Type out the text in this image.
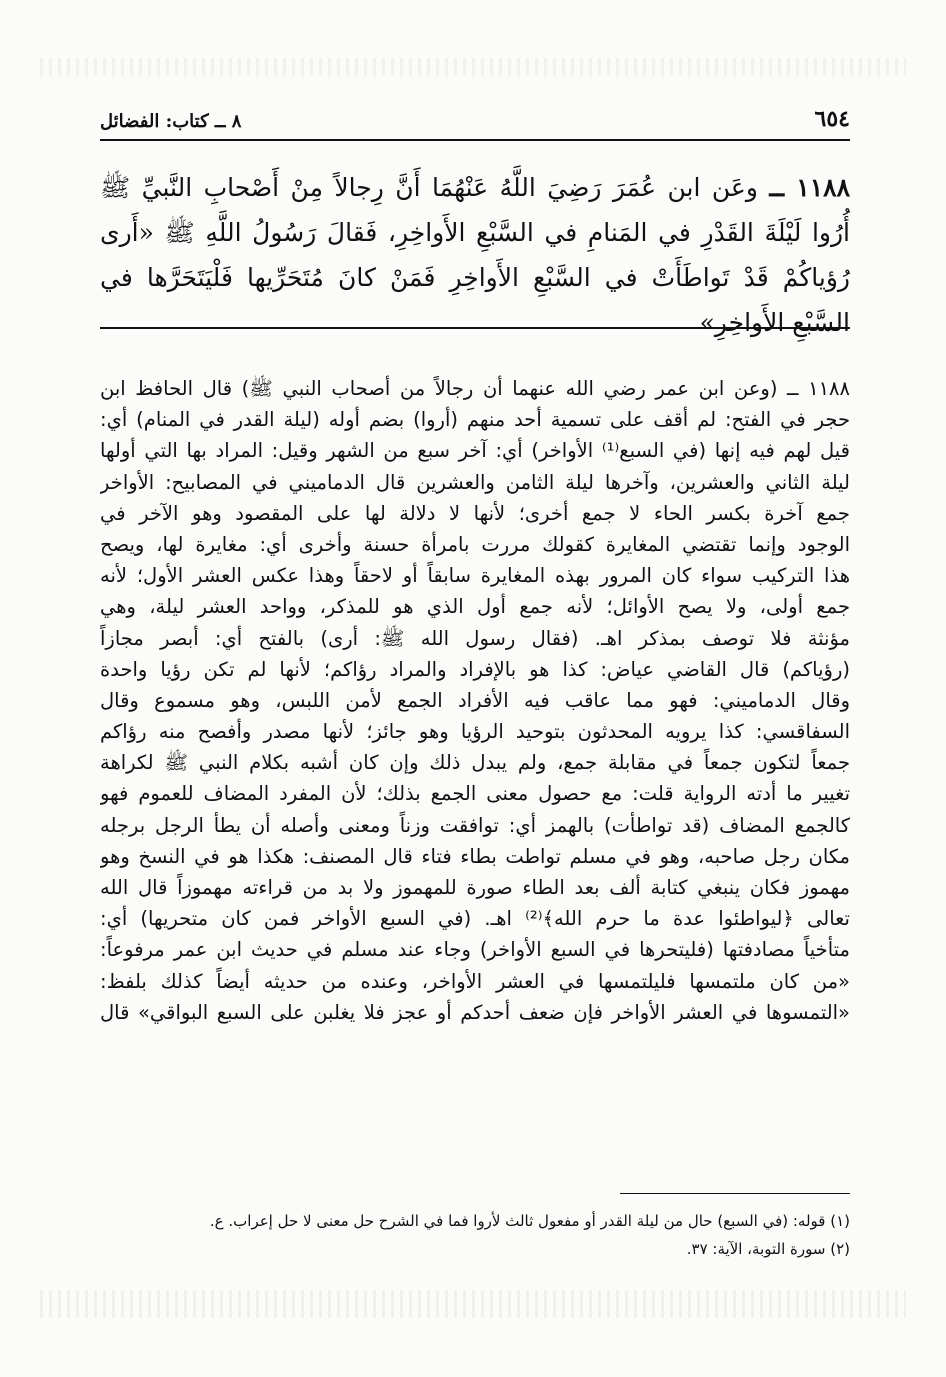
٦٥٤
٨ ــ كتاب: الفضائل
١١٨٨ ــ وعَن ابن عُمَرَ رَضِيَ اللَّهُ عَنْهُمَا أَنَّ رِجالاً مِنْ أَصْحابِ النَّبيِّ ﷺ أُرُوا لَيْلَةَ القَدْرِ في المَنامِ في السَّبْعِ الأَواخِرِ، فَقالَ رَسُولُ اللَّهِ ﷺ «أَرى رُؤياكُمْ قَدْ تَواطَأَتْ في السَّبْعِ الأَواخِرِ فَمَنْ كانَ مُتَحَرِّيها فَلْيَتَحَرَّها في السَّبْعِ الأَواخِرِ»
١١٨٨ ــ (وعن ابن عمر رضي الله عنهما أن رجالاً من أصحاب النبي ﷺ) قال الحافظ ابن
حجر في الفتح: لم أقف على تسمية أحد منهم (أروا) بضم أوله (ليلة القدر في المنام) أي:
قيل لهم فيه إنها (في السبع⁽¹⁾ الأواخر) أي: آخر سبع من الشهر وقيل: المراد بها التي أولها
ليلة الثاني والعشرين، وآخرها ليلة الثامن والعشرين قال الدماميني في المصابيح: الأواخر
جمع آخرة بكسر الحاء لا جمع أخرى؛ لأنها لا دلالة لها على المقصود وهو الآخر في
الوجود وإنما تقتضي المغايرة كقولك مررت بامرأة حسنة وأخرى أي: مغايرة لها، ويصح
هذا التركيب سواء كان المرور بهذه المغايرة سابقاً أو لاحقاً وهذا عكس العشر الأول؛ لأنه
جمع أولى، ولا يصح الأوائل؛ لأنه جمع أول الذي هو للمذكر، وواحد العشر ليلة، وهي
مؤنثة فلا توصف بمذكر اهـ. (فقال رسول الله ﷺ: أرى) بالفتح أي: أبصر مجازاً
(رؤياكم) قال القاضي عياض: كذا هو بالإفراد والمراد رؤاكم؛ لأنها لم تكن رؤيا واحدة
وقال الدماميني: فهو مما عاقب فيه الأفراد الجمع لأمن اللبس، وهو مسموع وقال
السفاقسي: كذا يرويه المحدثون بتوحيد الرؤيا وهو جائز؛ لأنها مصدر وأفصح منه رؤاكم
جمعاً لتكون جمعاً في مقابلة جمع، ولم يبدل ذلك وإن كان أشبه بكلام النبي ﷺ لكراهة
تغيير ما أدته الرواية قلت: مع حصول معنى الجمع بذلك؛ لأن المفرد المضاف للعموم فهو
كالجمع المضاف (قد تواطأت) بالهمز أي: توافقت وزناً ومعنى وأصله أن يطأ الرجل برجله
مكان رجل صاحبه، وهو في مسلم تواطت بطاء فتاء قال المصنف: هكذا هو في النسخ وهو
مهموز فكان ينبغي كتابة ألف بعد الطاء صورة للمهموز ولا بد من قراءته مهموزاً قال الله
تعالى ﴿ليواطئوا عدة ما حرم الله﴾⁽²⁾ اهـ. (في السبع الأواخر فمن كان متحريها) أي:
متأخياً مصادفتها (فليتحرها في السبع الأواخر) وجاء عند مسلم في حديث ابن عمر مرفوعاً:
«من كان ملتمسها فليلتمسها في العشر الأواخر، وعنده من حديثه أيضاً كذلك بلفظ:
«التمسوها في العشر الأواخر فإن ضعف أحدكم أو عجز فلا يغلبن على السبع البواقي» قال
(١) قوله: (في السبع) حال من ليلة القدر أو مفعول ثالث لأروا فما في الشرح حل معنى لا حل إعراب. ع.
(٢) سورة التوبة، الآية: ٣٧.
